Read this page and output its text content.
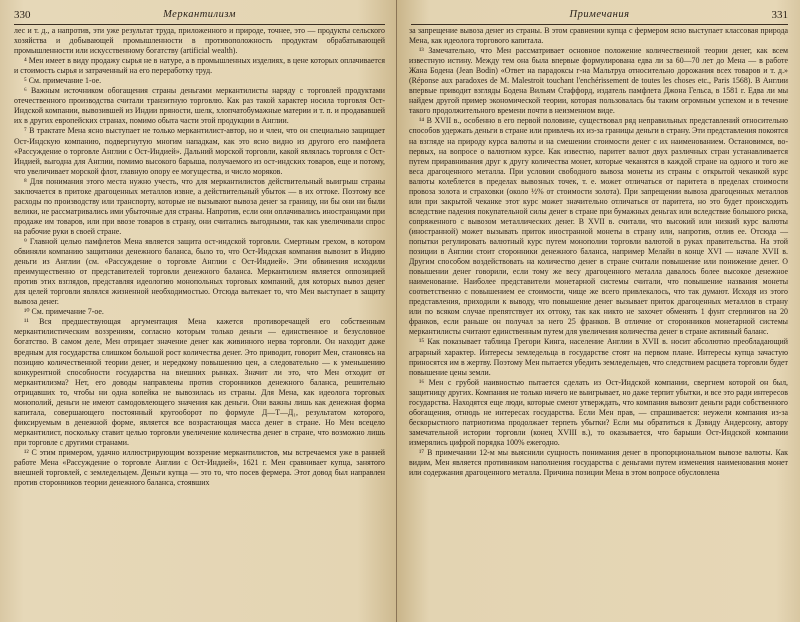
330	Меркантилизм

лес и т. д., а напротив, эти уже результат труда, приложенного и природе, точнее, это — продукты сельского хозяйства и добывающей промышленности в противоположность продуктам обрабатывающей промышленности или искусственному богатству (artificial wealth).

⁴ Мен имеет в виду продажу сырья не в натуре, а в промышленных изделиях, в цене которых оплачивается и стоимость сырья и затраченный на его переработку труд.

⁵ См. примечание 1-ое.

⁶ Важным источником обогащения страны деньгами меркантилисты наряду с торговлей продуктами отечественного производства считали транзитную торговлю. Как раз такой характер носила торговля Ост-Индской компании, вывозившей из Индии пряности, шелк, хлопчатобумажные материи и т. п. и продававшей их в других европейских странах, помимо обыта части этой продукции в Англии.

⁷ В трактате Мена ясно выступает не только меркантилист-автор, но и член, что он специально защищает Ост-Индскую компанию, подвергнутую многим нападкам, как это ясно видно из другого его памфлета «Рассуждение о торговле Англии с Ост-Индией». Дальний морской торговли, какой являлась торговля с Ост-Индией, выгодна для Англии, помимо высокого барыша, получаемого из ост-индских товаров, еще и потому, что увеличивает морской флот, главную опору ее могущества, и число моряков.

⁸ Для понимания этого места нужно учесть, что для меркантилистов действительный выигрыш страны заключается в притоке драгоценных металлов извне, а действительный убыток — в их оттоке. Поэтому все расходы по производству или транспорту, которые не вызывают вывоза денег за границу, ни бы они ни были велики, не рассматривались ими убыточные для страны. Напротив, если они оплачивались иностранцами при продаже им товаров, или при ввозе товаров в страну, они считались выгодными, так как увеличивали спрос на рабочие руки в своей стране.

⁹ Главной целью памфлетов Мена является защита ост-индской торговли. Смертным грехом, в котором обвиняли компанию защитники денежного баланса, было то, что Ост-Индская компания вывозит в Индию деньги из Англии (см. «Рассуждение о торговле Англии с Ост-Индией». Эти обвинения исходили преимущественно от представителей торговли денежного баланса. Меркантилизм является оппозицией против этих взглядов, представляя идеологию монопольных торговых компаний, для которых вывоз денег для целей торговли являлся жизненной необходимостью. Отсюда вытекает то, что Мен выступает в защиту вывоза денег.

¹⁰ См. примечание 7-ое.

¹¹ Вся предшествующая аргументация Мена кажется противоречащей его собственным меркантилистическим воззрениям, согласно которым только деньги — единственное и безусловное богатство. В самом деле, Мен отрицает значение денег как живинного нерва торговли. Он находит даже вредным для государства слишком большой рост количества денег. Это приводит, говорит Мен, становясь на позицию количественной теории денег, и нередкому повышению цен, а следовательно — к уменьшению конкурентной способности государства на внешних рынках. Значит ли это, что Мен отходит от меркантилизма? Нет, его доводы направлены против сторонников денежного баланса, решительно отрицавших то, чтобы ни одна копейка не вывозилась из страны. Для Мена, как идеолога торговых монополий, деньги не имеют самодовлеющего значения как деньги. Они важны лишь как денежная форма капитала, совершающего постоянный кругооборот по формуле Д—Т—Д₁, результатом которого, фиксируемым в денежной форме, является все возрастающая масса денег в стране. Но Мен всецело меркантилист, поскольку ставит целью торговли увеличение количества денег в стране, что возможно лишь при торговле с другими странами.

¹² С этим примером, удачно иллюстрирующим воззрение меркантилистов, мы встречаемся уже в ранней работе Мена «Рассуждение о торговле Англии с Ост-Индией», 1621 г. Мен сравнивает купца, занятого внешней торговлей, с земледельцем. Деньги купца — это то, что посев фермера. Этот довод был направлен против сторонников теории денежного баланса, стоявших

331
Примечания

за запрещение вывоза денег из страны. В этом сравнении купца с фермером ясно выступает классовая природа Мена, как идеолога торгового капитала.

¹³ Замечательно, что Мен рассматривает основное положение количественной теории денег, как всем известную истину. Между тем она была впервые формулирована едва ли за 60—70 лет до Мена — в работе Жана Бодена (Jean Bodin) «Ответ на парадоксы г-на Мальтруа относительно дорожания всех товаров и т. д.» (Réponse aux paradoxes de M. Malestroit touchant l'enchérissement de toutes les choses etc., Paris 1568). В Англии впервые приводит взгляды Бодена Вильям Стаффорд, издатель памфлета Джона Гельса, в 1581 г. Едва ли мы найдем другой пример экономической теории, которая пользовалась бы таким огромным успехом и в течение такого продолжительного времени почти в неизменном виде.

¹⁴ В XVII в., особенно в его первой половине, существовал ряд неправильных представлений относительно способов удержать деньги в стране или привлечь их из-за границы деньги в страну. Эти представления покоятся на взгляде на природу курса валюты и на смешении стоимости денег с их наименованием. Остановимся, во-первых, на вопросе о валютном курсе. Как известно, паритет валют двух различных стран устанавливается путем приравнивания друг к другу количества монет, которые чеканятся в каждой стране на одного и того же веса драгоценного металла. При условии свободного вывоза монеты из страны с открытой чеканкой курс валюты колеблется в пределах вывозных точек, т. е. может отличаться от паритета в пределах стоимости провоза золота и страховки (около ½% от стоимости золота). При запрещении вывоза драгоценных металлов или при закрытой чеканке этот курс может значительно отличаться от паритета, но это будет происходить вследствие падения покупательной силы денег в стране при бумажных деньгах или вследствие большого риска, сопряженного с вывозом металлических денег. В XVII в. считали, что высокий или низкий курс валюты (иностранной) может вызывать приток иностранной монеты в страну или, напротив, отлив ее. Отсюда — попытки регулировать валютный курс путем монополии торговли валютой в руках правительства. На этой позиции в Англии стоит сторонники денежного баланса, например Мелайн в конце XVI — начале XVII в. Другим способом воздействовать на количество денег в стране считали повышение или понижение денег. О повышении денег говорили, если тому же весу драгоценного металла давалось более высокое денежное наименование. Наиболее представители монетарной системы считали, что повышение названия монеты соответственно с повышением ее стоимости, чище же всего привлекалось, что так думают. Исходя из этого представления, приходили к выводу, что повышение денег вызывает приток драгоценных металлов в страну или по всяком случае препятствует их оттоку, так как никто не захочет обменять 1 фунт стерлингов на 20 франков, если раньше он получал за него 25 франков. В отличие от сторонников монетарной системы меркантилисты считают единственным путем для увеличения количества денег в стране активный баланс.

¹⁵ Как показывает таблица Грегори Кинга, население Англии в XVII в. носит абсолютно преобладающий аграрный характер. Интересы земледельца в государстве стоят на первом плане. Интересы купца зачастую приносятся им в жертву. Поэтому Мен пытается убедить земледельцев, что следствием расцвета торговли будет повышение цены земли.

¹⁶ Мен с грубой наивностью пытается сделать из Ост-Индской компании, свергнем которой он был, защитницу других. Компания не только ничего не выигрывает, но даже терпит убытки, и все это ради интересов государства. Находятся еще люди, которые смеют утверждать, что компания вывозит деньги ради собственного обогащения, отнюдь не интересах государства. Если Мен прав, — спрашивается: неужели компания из-за бескорыстного патриотизма продолжает терпеть убытки? Если мы обратиться к Дэвиду Андерсону, автору замечательной истории торговли (конец XVIII в.), то оказывается, что барыши Ост-Индской компании измерялись цифрой порядка 100% ежегодно.

¹⁷ В примечании 12-м мы выяснили сущность понимания денег в пропорциональном вывозе валюты. Как видим, Мен является противником наполнения государства с деньгами путем изменения наименования монет или содержания драгоценного металла. Причина позиции Мена в этом вопросе обусловлена
